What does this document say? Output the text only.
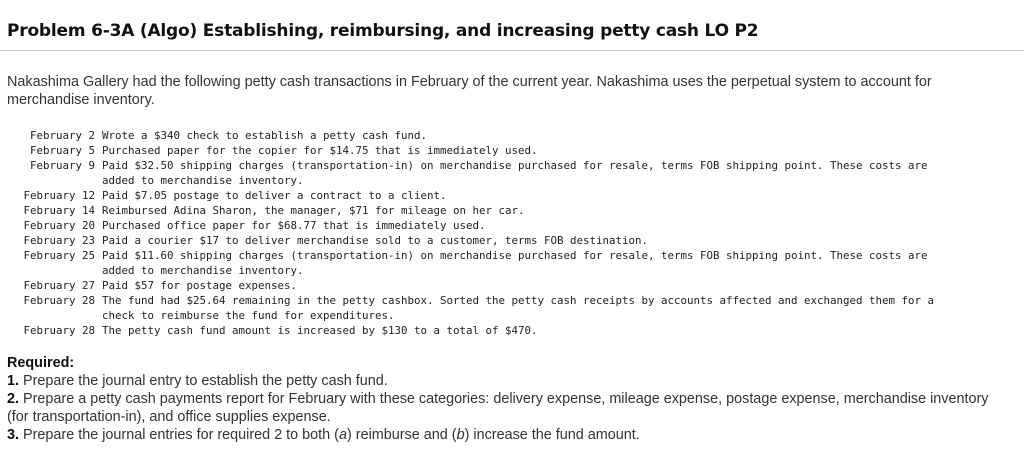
Problem 6-3A (Algo) Establishing, reimbursing, and increasing petty cash LO P2
Nakashima Gallery had the following petty cash transactions in February of the current year. Nakashima uses the perpetual system to account for merchandise inventory.
February 2 Wrote a $340 check to establish a petty cash fund.
February 5 Purchased paper for the copier for $14.75 that is immediately used.
February 9 Paid $32.50 shipping charges (transportation-in) on merchandise purchased for resale, terms FOB shipping point. These costs are added to merchandise inventory.
February 12 Paid $7.05 postage to deliver a contract to a client.
February 14 Reimbursed Adina Sharon, the manager, $71 for mileage on her car.
February 20 Purchased office paper for $68.77 that is immediately used.
February 23 Paid a courier $17 to deliver merchandise sold to a customer, terms FOB destination.
February 25 Paid $11.60 shipping charges (transportation-in) on merchandise purchased for resale, terms FOB shipping point. These costs are added to merchandise inventory.
February 27 Paid $57 for postage expenses.
February 28 The fund had $25.64 remaining in the petty cashbox. Sorted the petty cash receipts by accounts affected and exchanged them for a check to reimburse the fund for expenditures.
February 28 The petty cash fund amount is increased by $130 to a total of $470.
Required:
1. Prepare the journal entry to establish the petty cash fund.
2. Prepare a petty cash payments report for February with these categories: delivery expense, mileage expense, postage expense, merchandise inventory (for transportation-in), and office supplies expense.
3. Prepare the journal entries for required 2 to both (a) reimburse and (b) increase the fund amount.
